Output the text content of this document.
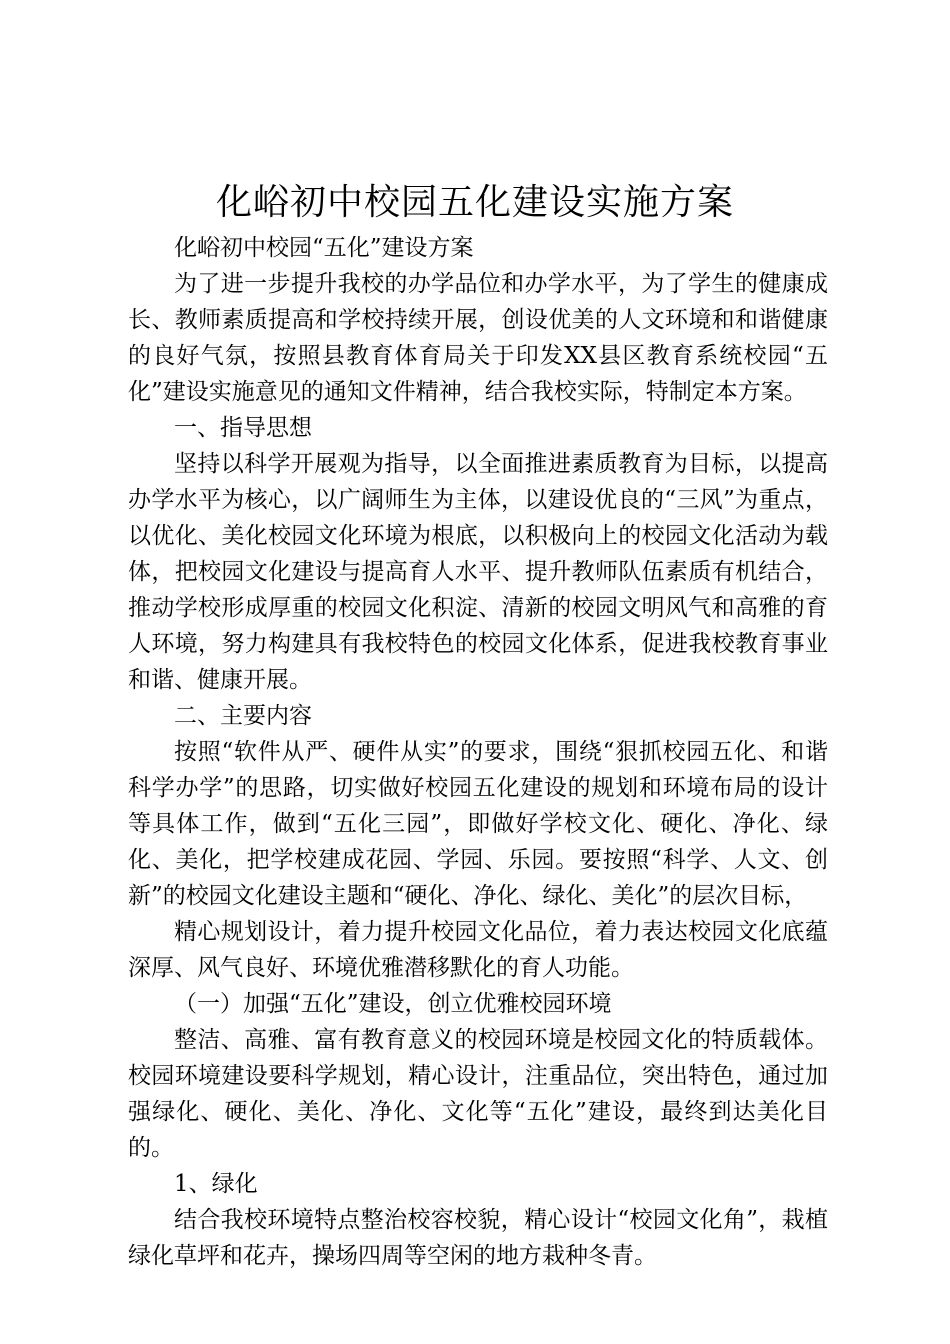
化峪初中校园五化建设实施方案

化峪初中校园“五化”建设方案

为了进一步提升我校的办学品位和办学水平，为了学生的健康成长、教师素质提高和学校持续开展，创设优美的人文环境和和谐健康的良好气氛，按照县教育体育局关于印发XX县区教育系统校园“五化”建设实施意见的通知文件精神，结合我校实际，特制定本方案。

一、指导思想

坚持以科学开展观为指导，以全面推进素质教育为目标，以提高办学水平为核心，以广阔师生为主体，以建设优良的“三风”为重点，以优化、美化校园文化环境为根底，以积极向上的校园文化活动为载体，把校园文化建设与提高育人水平、提升教师队伍素质有机结合，推动学校形成厚重的校园文化积淀、清新的校园文明风气和高雅的育人环境，努力构建具有我校特色的校园文化体系，促进我校教育事业和谐、健康开展。

二、主要内容

按照“软件从严、硬件从实”的要求，围绕“狠抓校园五化、和谐科学办学”的思路，切实做好校园五化建设的规划和环境布局的设计等具体工作，做到“五化三园”，即做好学校文化、硬化、净化、绿化、美化，把学校建成花园、学园、乐园。要按照“科学、人文、创新”的校园文化建设主题和“硬化、净化、绿化、美化”的层次目标，

精心规划设计，着力提升校园文化品位，着力表达校园文化底蕴深厚、风气良好、环境优雅潜移默化的育人功能。

（一）加强“五化”建设，创立优雅校园环境

整洁、高雅、富有教育意义的校园环境是校园文化的特质载体。校园环境建设要科学规划，精心设计，注重品位，突出特色，通过加强绿化、硬化、美化、净化、文化等“五化”建设，最终到达美化目的。

1、绿化

结合我校环境特点整治校容校貌，精心设计“校园文化角”，栽植绿化草坪和花卉，操场四周等空闲的地方栽种冬青。
